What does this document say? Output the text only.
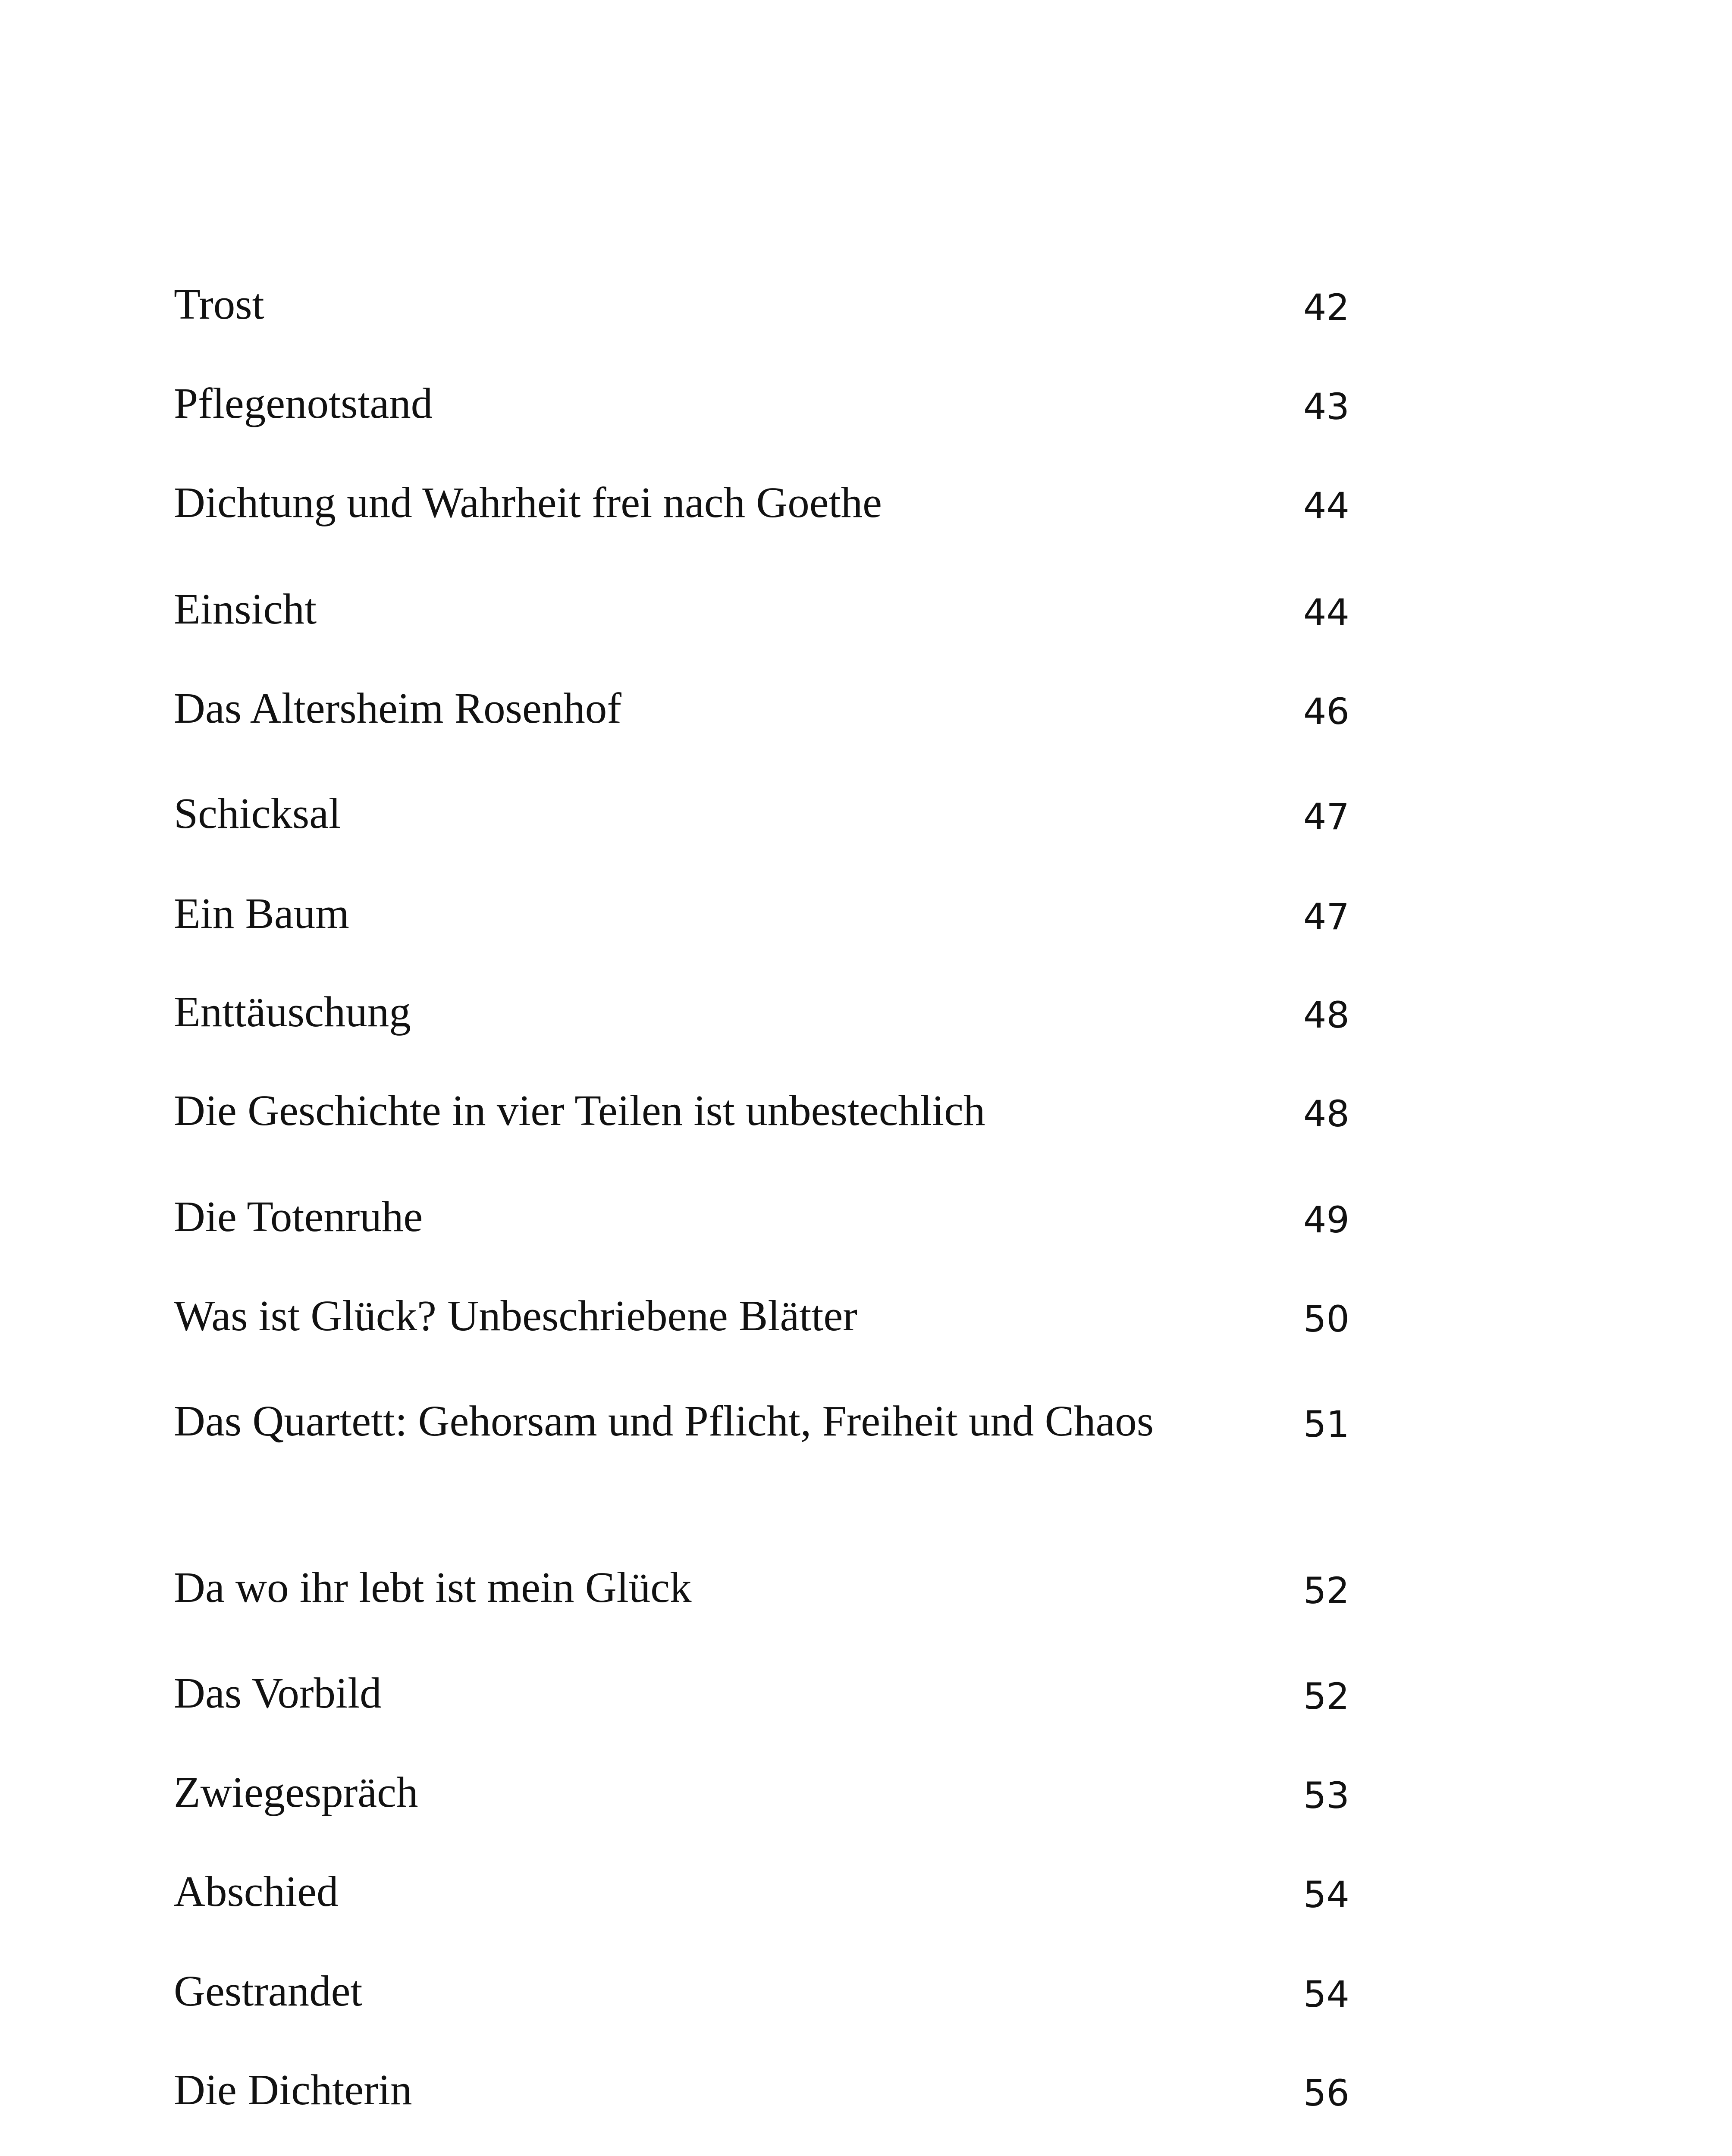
Trost	42
Pflegenotstand	43
Dichtung und Wahrheit frei nach Goethe	44
Einsicht	44
Das Altersheim Rosenhof	46
Schicksal	47
Ein Baum	47
Enttäuschung	48
Die Geschichte in vier Teilen ist unbestechlich	48
Die Totenruhe	49
Was ist Glück? Unbeschriebene Blätter	50
Das Quartett: Gehorsam und Pflicht, Freiheit und Chaos	51
Da wo ihr lebt ist mein Glück	52
Das Vorbild	52
Zwiegespräch	53
Abschied	54
Gestrandet	54
Die Dichterin	56
